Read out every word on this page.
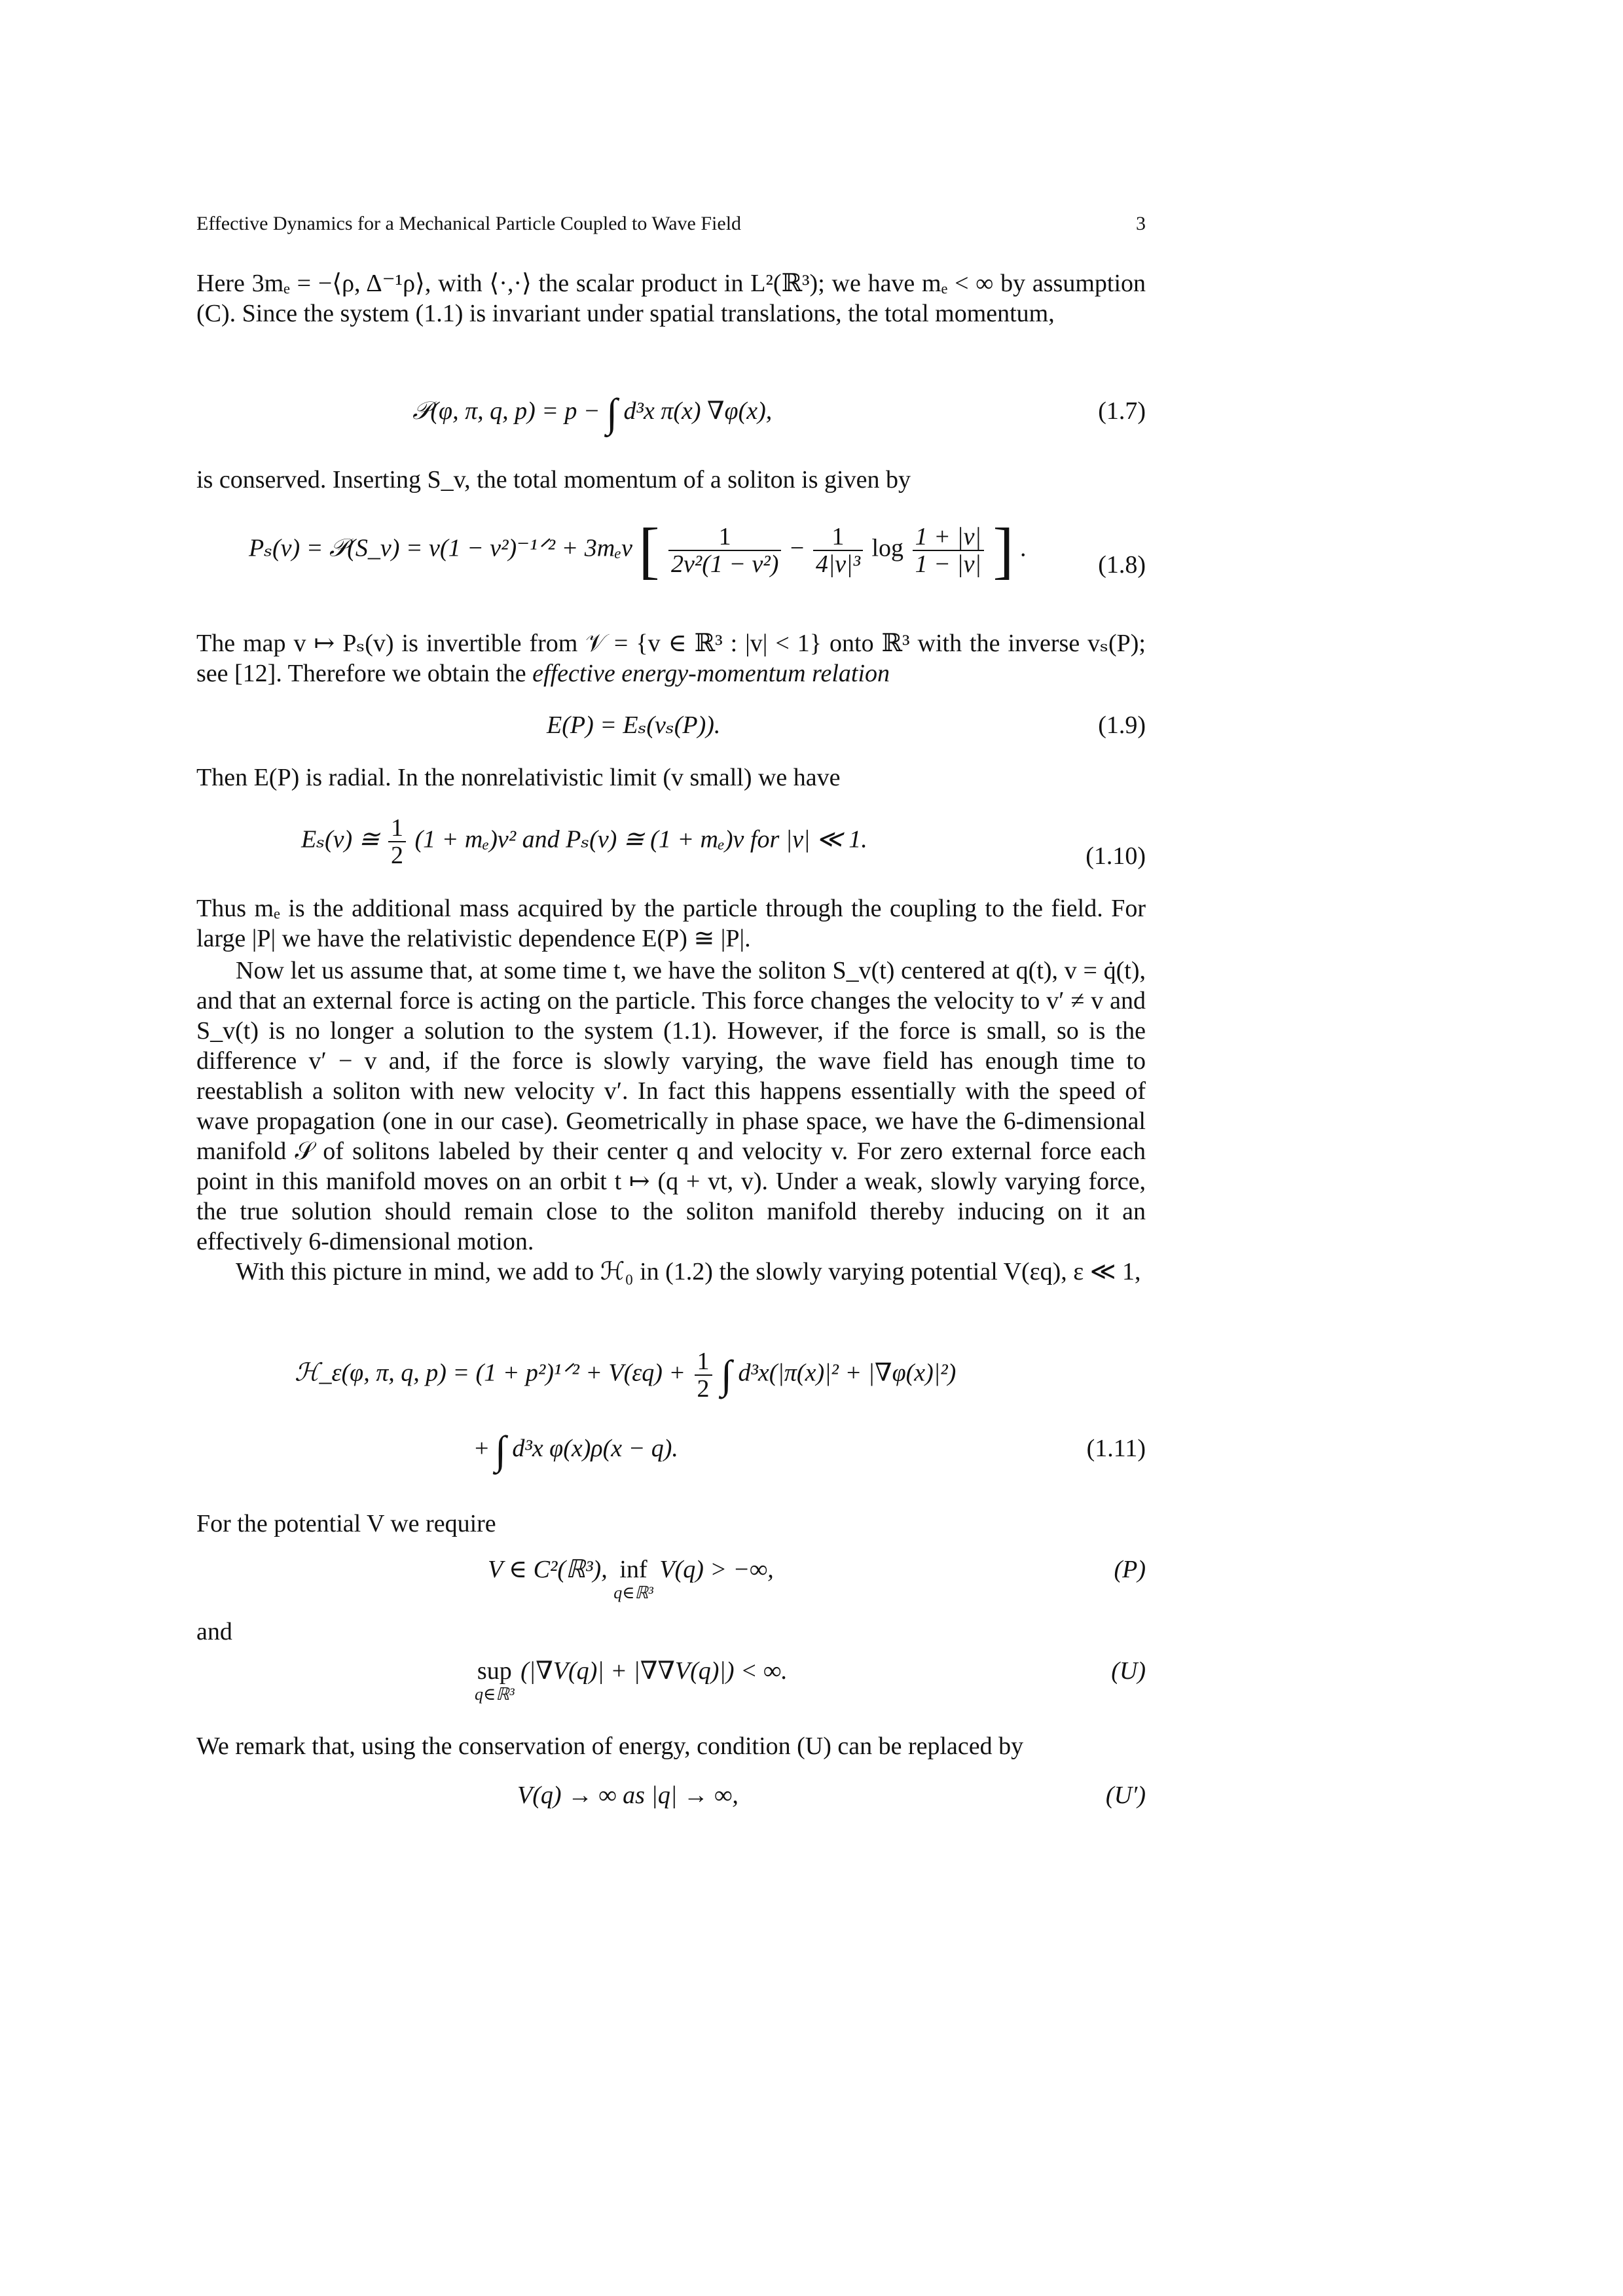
Effective Dynamics for a Mechanical Particle Coupled to Wave Field	3

Here 3mₑ = −⟨ρ, Δ⁻¹ρ⟩, with ⟨·,·⟩ the scalar product in L²(ℝ³); we have mₑ < ∞ by assumption (C). Since the system (1.1) is invariant under spatial translations, the total momentum,

𝒫(φ, π, q, p) = p − ∫ d³x π(x) ∇φ(x),	(1.7)

is conserved. Inserting S_v, the total momentum of a soliton is given by

Pₛ(v) = 𝒫(S_v) = v(1 − v²)⁻¹ᐟ² + 3mₑv [ $\frac{1}{\text{2v²(1 − v²)}} - \frac{1}{\text{4|v|³}}$ $\log \frac{1 + |v|}{1 - |v|}$ ] .
(1.8)

The map v ↦ Pₛ(v) is invertible from 𝒱 = {v ∈ ℝ³ : |v| < 1} onto ℝ³ with the inverse vₛ(P); see [12]. Therefore we obtain the effective energy-momentum relation

E(P) = Eₛ(vₛ(P)).	(1.9)

Then E(P) is radial. In the nonrelativistic limit (v small) we have

Eₛ(v) ≅ $\frac{1}{2} (1 + m_e)v^2$ and Pₛ(v) ≅ (1 + mₑ)v for |v| ≪ 1.
(1.10)

Thus mₑ is the additional mass acquired by the particle through the coupling to the field. For large |P| we have the relativistic dependence E(P) ≅ |P|.

Now let us assume that, at some time t, we have the soliton S_v(t) centered at q(t), v = q̇(t), and that an external force is acting on the particle. This force changes the velocity to v′ ≠ v and S_v(t) is no longer a solution to the system (1.1). However, if the force is small, so is the difference v′ − v and, if the force is slowly varying, the wave field has enough time to reestablish a soliton with new velocity v′. In fact this happens essentially with the speed of wave propagation (one in our case). Geometrically in phase space, we have the 6-dimensional manifold 𝒮 of solitons labeled by their center q and velocity v. For zero external force each point in this manifold moves on an orbit t ↦ (q + vt, v). Under a weak, slowly varying force, the true solution should remain close to the soliton manifold thereby inducing on it an effectively 6-dimensional motion.

With this picture in mind, we add to ℋ₀ in (1.2) the slowly varying potential V(εq), ε ≪ 1,

ℋ_ε(φ, π, q, p) = (1 + p²)¹ᐟ² + $V(\varepsilon q) + \frac{1}{2}$ ∫ d³x(|π(x)|² + |∇φ(x)|²)
+ ∫ d³x φ(x)ρ(x − q).	(1.11)

For the potential V we require

V ∈ C²(ℝ³), inf
q∈ℝ³
V(q) > −∞,	(P)

and

sup
q∈ℝ³
(|∇V(q)| + |∇∇V(q)|) < ∞.	(U)

We remark that, using the conservation of energy, condition (U) can be replaced by

V(q) → ∞ as |q| → ∞,	(U′)
